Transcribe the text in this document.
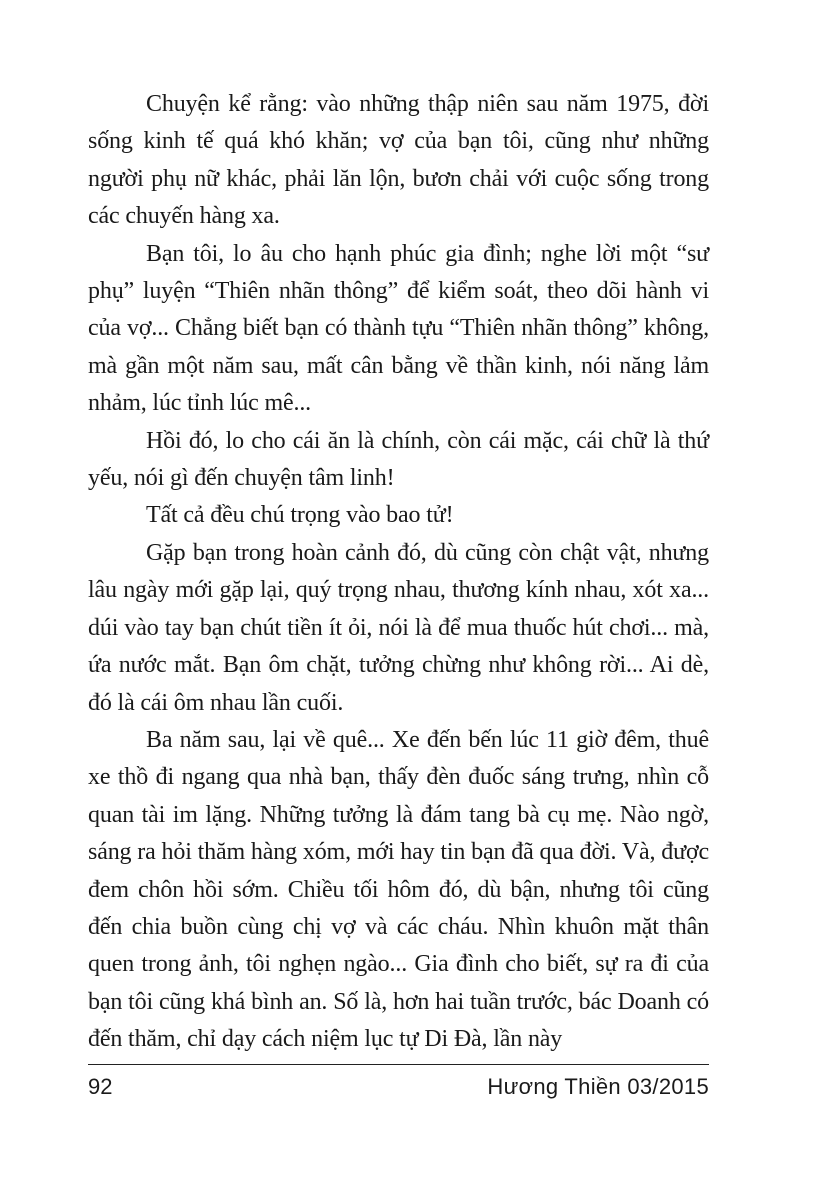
Chuyện kể rằng: vào những thập niên sau năm 1975, đời sống kinh tế quá khó khăn; vợ của bạn tôi, cũng như những người phụ nữ khác, phải lăn lộn, bươn chải với cuộc sống trong các chuyến hàng xa.

Bạn tôi, lo âu cho hạnh phúc gia đình; nghe lời một “sư phụ” luyện “Thiên nhãn thông” để kiểm soát, theo dõi hành vi của vợ... Chẳng biết bạn có thành tựu “Thiên nhãn thông” không, mà gần một năm sau, mất cân bằng về thần kinh, nói năng lảm nhảm, lúc tỉnh lúc mê...

Hồi đó, lo cho cái ăn là chính, còn cái mặc, cái chữ là thứ yếu, nói gì đến chuyện tâm linh!

Tất cả đều chú trọng vào bao tử!

Gặp bạn trong hoàn cảnh đó, dù cũng còn chật vật, nhưng lâu ngày mới gặp lại, quý trọng nhau, thương kính nhau, xót xa... dúi vào tay bạn chút tiền ít ỏi, nói là để mua thuốc hút chơi... mà, ứa nước mắt. Bạn ôm chặt, tưởng chừng như không rời... Ai dè, đó là cái ôm nhau lần cuối.

Ba năm sau, lại về quê... Xe đến bến lúc 11 giờ đêm, thuê xe thồ đi ngang qua nhà bạn, thấy đèn đuốc sáng trưng, nhìn cỗ quan tài im lặng. Những tưởng là đám tang bà cụ mẹ. Nào ngờ, sáng ra hỏi thăm hàng xóm, mới hay tin bạn đã qua đời. Và, được đem chôn hồi sớm. Chiều tối hôm đó, dù bận, nhưng tôi cũng đến chia buồn cùng chị vợ và các cháu. Nhìn khuôn mặt thân quen trong ảnh, tôi nghẹn ngào... Gia đình cho biết, sự ra đi của bạn tôi cũng khá bình an. Số là, hơn hai tuần trước, bác Doanh có đến thăm, chỉ dạy cách niệm lục tự Di Đà, lần này

92	Hương Thiền 03/2015
